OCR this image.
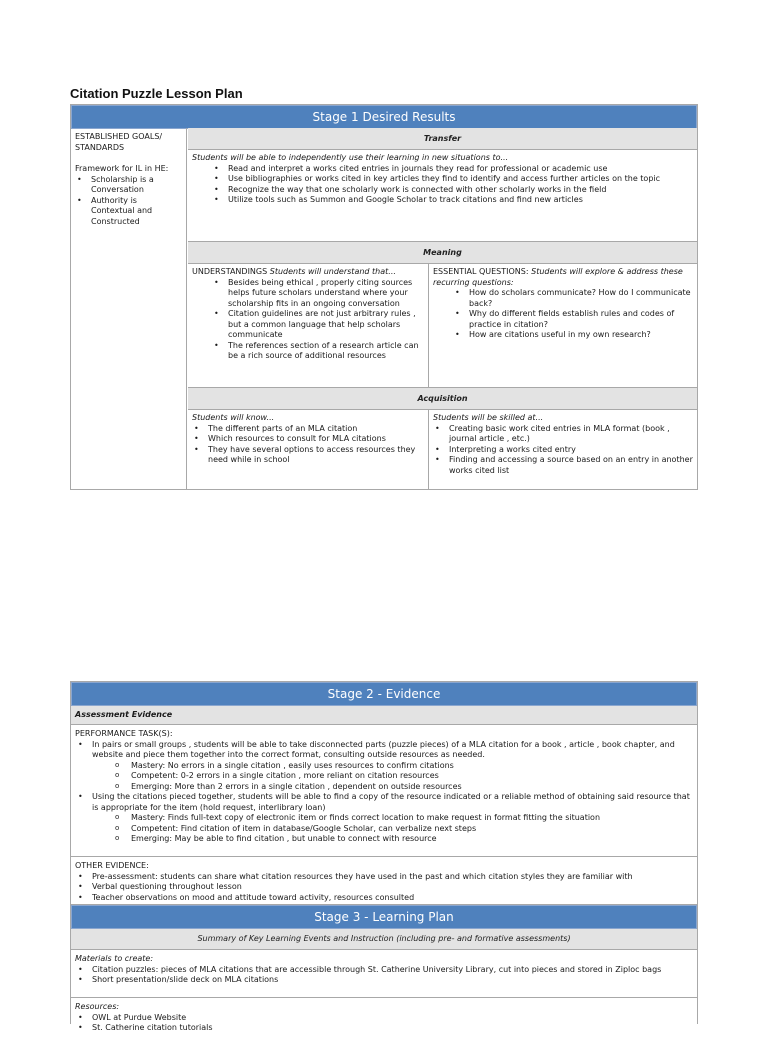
Citation Puzzle Lesson Plan
Stage 1 Desired Results
ESTABLISHED GOALS/ STANDARDS
Framework for IL in HE:
• Scholarship is a Conversation
• Authority is Contextual and Constructed
Transfer
Students will be able to independently use their learning in new situations to...
• Read and interpret a works cited entries in journals they read for professional or academic use
• Use bibliographies or works cited in key articles they find to identify and access further articles on the topic
• Recognize the way that one scholarly work is connected with other scholarly works in the field
• Utilize tools such as Summon and Google Scholar to track citations and find new articles
Meaning
UNDERSTANDINGS Students will understand that...
• Besides being ethical , properly citing sources helps future scholars understand where your scholarship fits in an ongoing conversation
• Citation guidelines are not just arbitrary rules , but a common language that help scholars communicate
• The references section of a research article can be a rich source of additional resources
ESSENTIAL QUESTIONS: Students will explore & address these recurring questions:
• How do scholars communicate? How do I communicate back?
• Why do different fields establish rules and codes of practice in citation?
• How are citations useful in my own research?
Acquisition
Students will know...
• The different parts of an MLA citation
• Which resources to consult for MLA citations
• They have several options to access resources they need while in school
Students will be skilled at...
• Creating basic work cited entries in MLA format (book , journal article , etc.)
• Interpreting a works cited entry
• Finding and accessing a source based on an entry in another works cited list
Stage 2 - Evidence
Assessment Evidence
PERFORMANCE TASK(S):
• In pairs or small groups , students will be able to take disconnected parts (puzzle pieces) of a MLA citation for a book , article , book chapter, and website and piece them together into the correct format, consulting outside resources as needed.
o Mastery: No errors in a single citation , easily uses resources to confirm citations
o Competent: 0-2 errors in a single citation , more reliant on citation resources
o Emerging: More than 2 errors in a single citation , dependent on outside resources
• Using the citations pieced together, students will be able to find a copy of the resource indicated or a reliable method of obtaining said resource that is appropriate for the item (hold request, interlibrary loan)
o Mastery: Finds full-text copy of electronic item or finds correct location to make request in format fitting the situation
o Competent: Find citation of item in database/Google Scholar, can verbalize next steps
o Emerging: May be able to find citation , but unable to connect with resource
OTHER EVIDENCE:
• Pre-assessment: students can share what citation resources they have used in the past and which citation styles they are familiar with
• Verbal questioning throughout lesson
• Teacher observations on mood and attitude toward activity, resources consulted
Stage 3 - Learning Plan
Summary of Key Learning Events and Instruction (including pre- and formative assessments)
Materials to create:
• Citation puzzles: pieces of MLA citations that are accessible through St. Catherine University Library, cut into pieces and stored in Ziploc bags
• Short presentation/slide deck on MLA citations
Resources:
• OWL at Purdue Website
• St. Catherine citation tutorials
